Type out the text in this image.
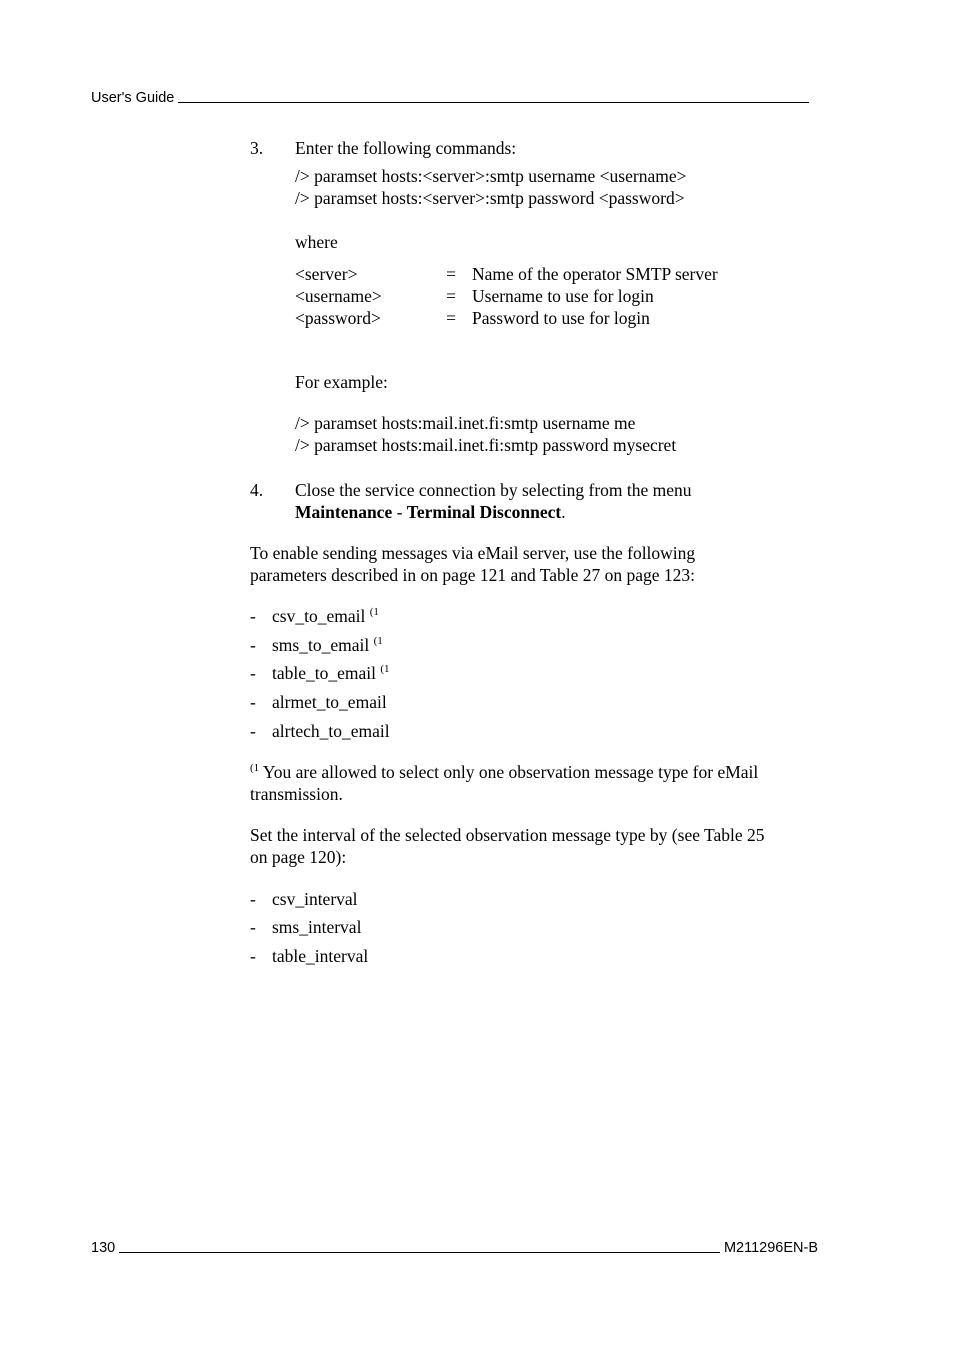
User's Guide
3. Enter the following commands:
/> paramset hosts:<server>:smtp username <username>
/> paramset hosts:<server>:smtp password <password>
where
<server>	= Name of the operator SMTP server
<username>	= Username to use for login
<password>	= Password to use for login
For example:
/> paramset hosts:mail.inet.fi:smtp username me
/> paramset hosts:mail.inet.fi:smtp password mysecret
4. Close the service connection by selecting from the menu
Maintenance - Terminal Disconnect.
To enable sending messages via eMail server, use the following
parameters described in on page 121 and Table 27 on page 123:
- csv_to_email $^{(1}$
- sms_to_email $^{(1}$
- table_to_email $^{(1}$
- alrmet_to_email
- alrtech_to_email
$^{(1}$ You are allowed to select only one observation message type for eMail
transmission.
Set the interval of the selected observation message type by (see Table 25
on page 120):
- csv_interval
- sms_interval
- table_interval
130	M211296EN-B
